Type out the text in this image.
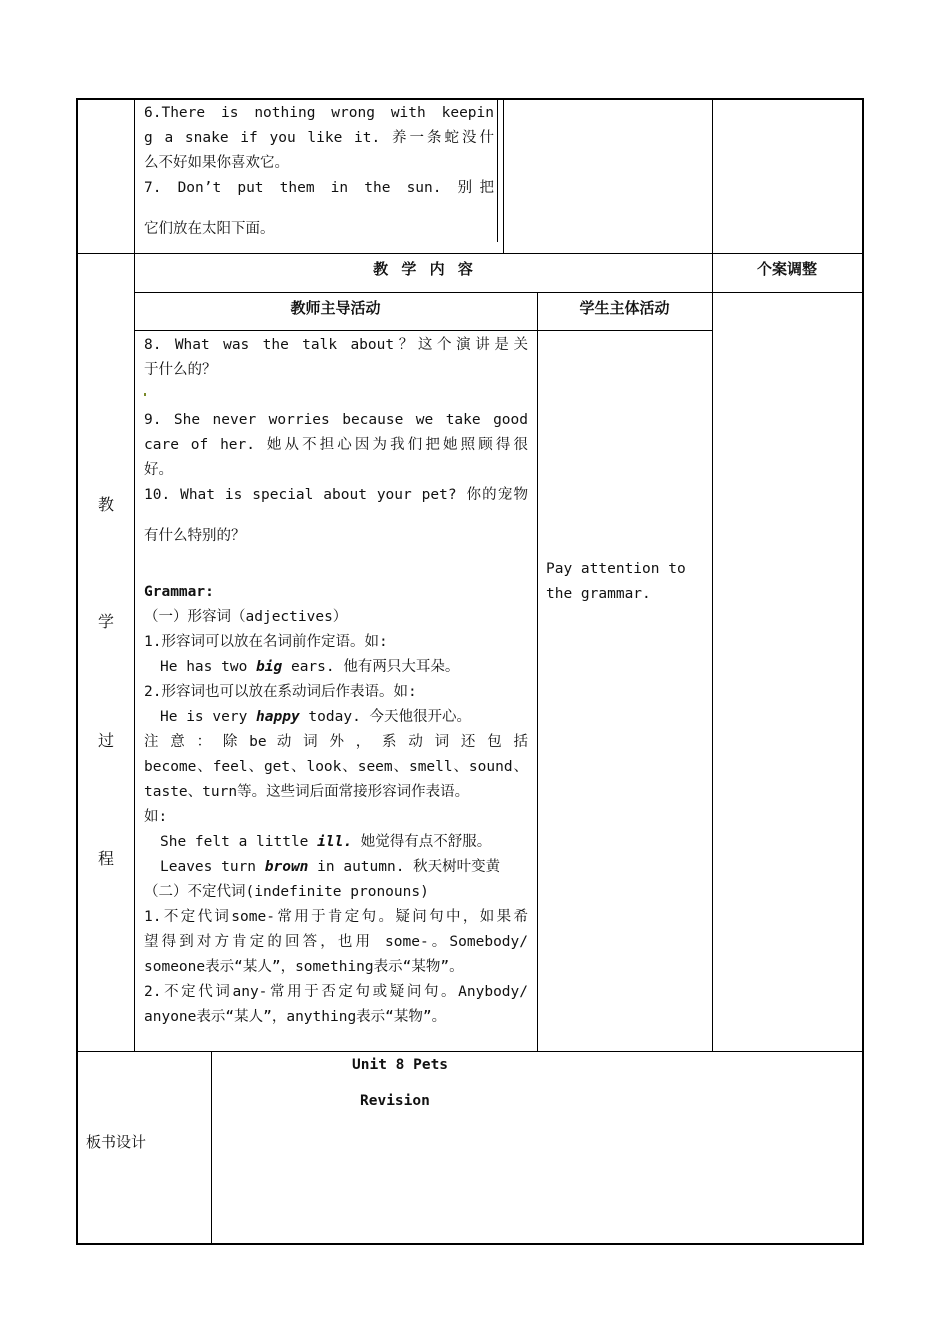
6.There is nothing wrong with keepin
g a snake if you like it. 养一条蛇没什
么不好如果你喜欢它。
7. Don’t put them in the sun. 别把
它们放在太阳下面。
教 学 内 容	个案调整
教师主导活动	学生主体活动
教
学
过
程
8. What was the talk about？这个演讲是关
于什么的？
9. She never worries because we take good
care of her. 她从不担心因为我们把她照顾得很
好。
10. What is special about your pet? 你的宠物
有什么特别的？
Grammar:
（一）形容词（adjectives）
1.形容词可以放在名词前作定语。如:
He has two big ears. 他有两只大耳朵。
2.形容词也可以放在系动词后作表语。如:
He is very happy today. 今天他很开心。
注 意 ： 除 be 动 词 外 ， 系 动 词 还 包 括
become、feel、get、look、seem、smell、sound、
taste、turn等。这些词后面常接形容词作表语。
如:
She felt a little ill. 她觉得有点不舒服。
Leaves turn brown in autumn. 秋天树叶变黄
（二）不定代词(indefinite pronouns)
1.不定代词some-常用于肯定句。疑问句中，如果希
望得到对方肯定的回答，也用 some-。Somebody/
someone表示“某人”，something表示“某物”。
2.不定代词any-常用于否定句或疑问句。Anybody/
anyone表示“某人”，anything表示“某物”。
Pay attention to
the grammar.
板书设计
Unit 8 Pets
Revision
